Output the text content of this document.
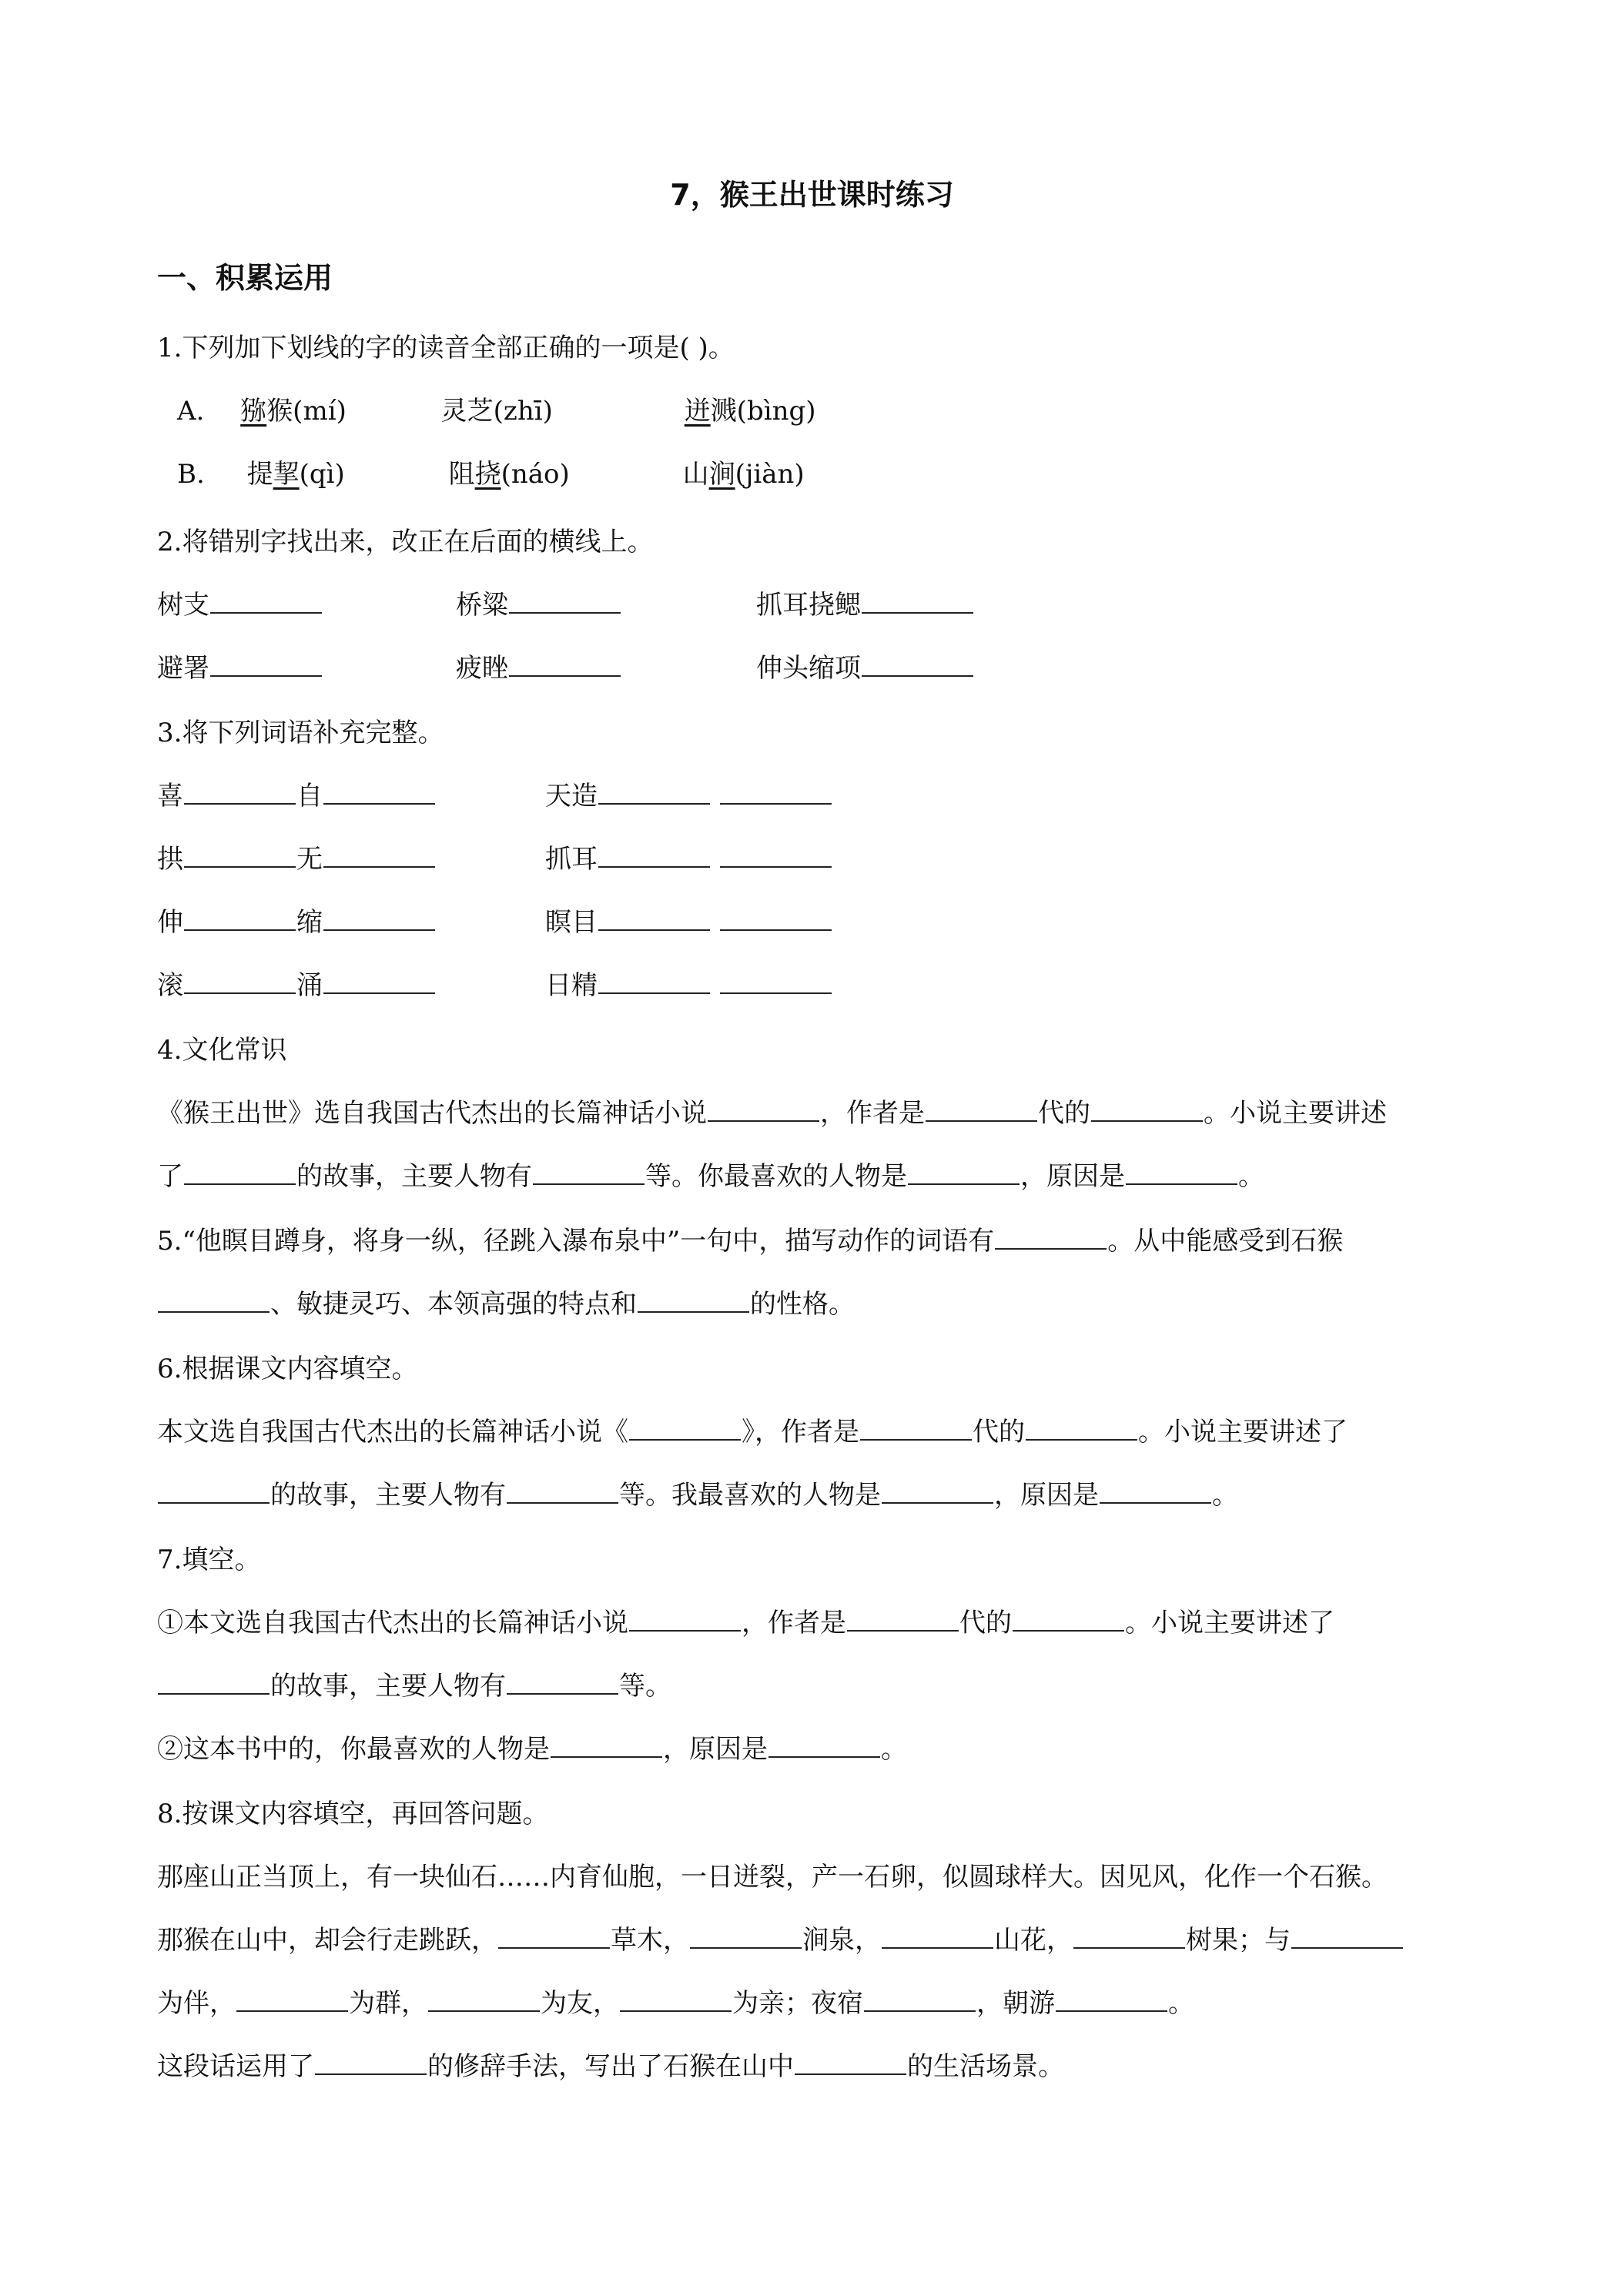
7，猴王出世课时练习
一、积累运用
1.下列加下划线的字的读音全部正确的一项是( )。
A. 猕猴(mí)	灵芝(zhī)	迸溅(bìng)
B. 提挈(qì)	阻挠(náo)	山涧(jiàn)
2.将错别字找出来，改正在后面的横线上。
树支	桥粱	抓耳挠鳃
避署	疲睉	伸头缩项
3.将下列词语补充完整。
喜	自	天造
拱	无	抓耳
伸	缩	瞑目
滚	涌	日精
4.文化常识
《猴王出世》选自我国古代杰出的长篇神话小说	，作者是	代的	。小说主要讲述
了	的故事，主要人物有	等。你最喜欢的人物是	，原因是	。
5.“他瞑目蹲身，将身一纵，径跳入瀑布泉中”一句中，描写动作的词语有	。从中能感受到石猴
、敏捷灵巧、本领高强的特点和	的性格。
6.根据课文内容填空。
本文选自我国古代杰出的长篇神话小说《	》，作者是	代的	。小说主要讲述了
的故事，主要人物有	等。我最喜欢的人物是	，原因是	。
7.填空。
①本文选自我国古代杰出的长篇神话小说	，作者是	代的	。小说主要讲述了
的故事，主要人物有	等。
②这本书中的，你最喜欢的人物是	，原因是	。
8.按课文内容填空，再回答问题。
那座山正当顶上，有一块仙石……内育仙胞，一日迸裂，产一石卵，似圆球样大。因见风，化作一个石猴。
那猴在山中，却会行走跳跃，	草木，	涧泉，	山花，	树果；与
为伴，	为群，	为友，	为亲；夜宿	，朝游	。
这段话运用了	的修辞手法，写出了石猴在山中	的生活场景。
